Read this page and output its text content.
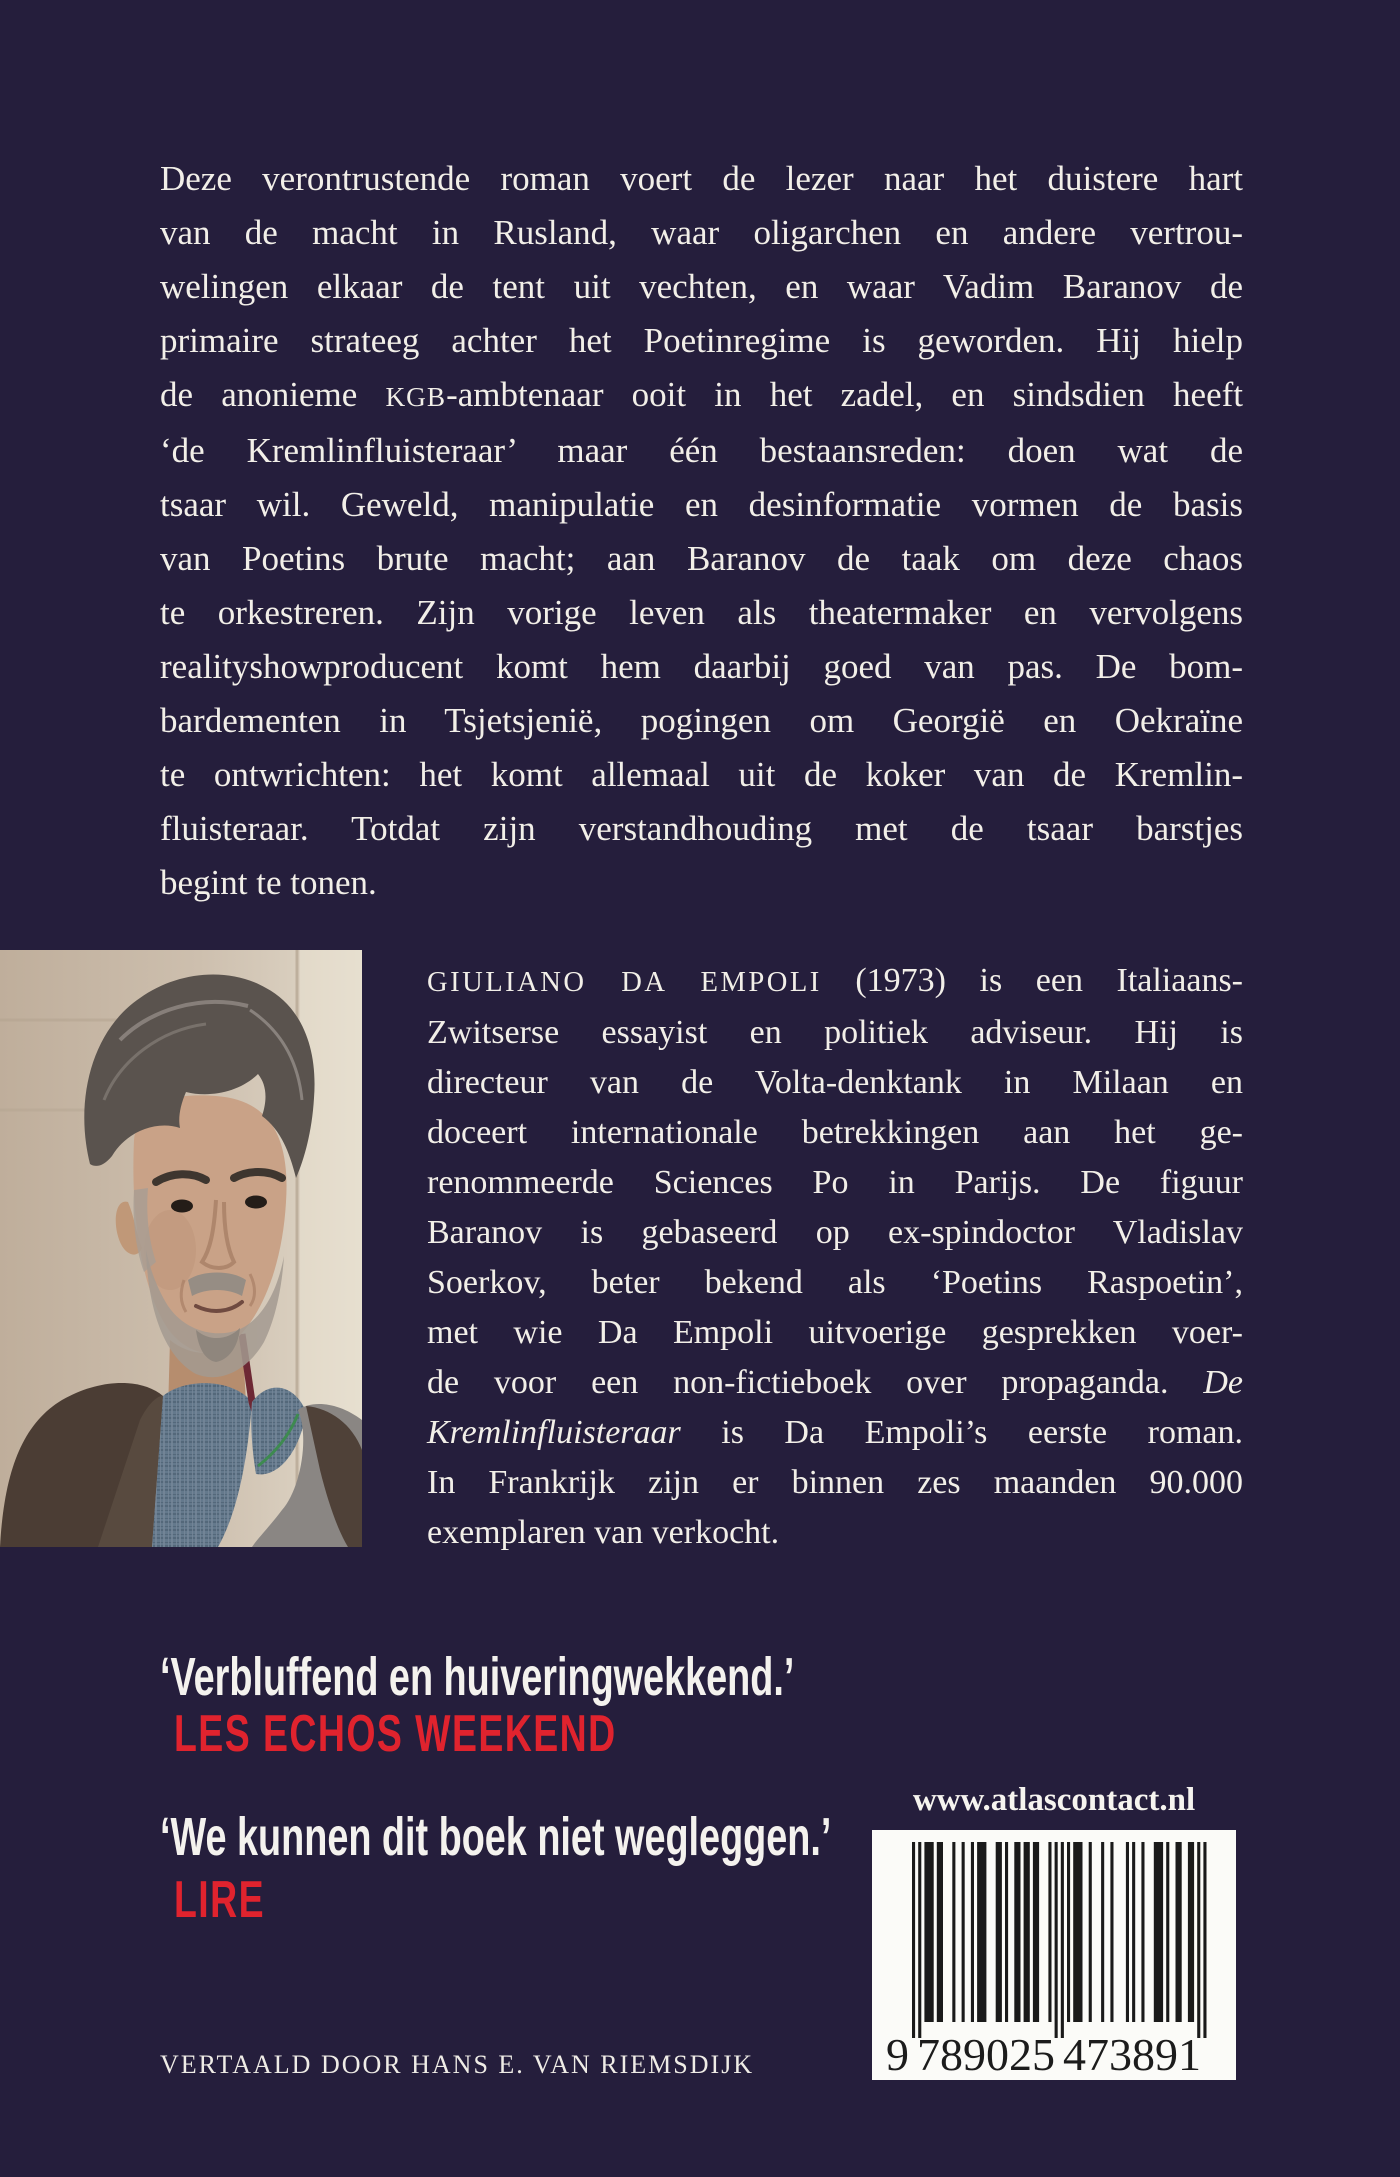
Deze verontrustende roman voert de lezer naar het duistere hart
van de macht in Rusland, waar oligarchen en andere vertrou-
welingen elkaar de tent uit vechten, en waar Vadim Baranov de
primaire strateeg achter het Poetinregime is geworden. Hij hielp
de anonieme KGB-ambtenaar ooit in het zadel, en sindsdien heeft
‘de Kremlinfluisteraar’ maar één bestaansreden: doen wat de
tsaar wil. Geweld, manipulatie en desinformatie vormen de basis
van Poetins brute macht; aan Baranov de taak om deze chaos
te orkestreren. Zijn vorige leven als theatermaker en vervolgens
realityshowproducent komt hem daarbij goed van pas. De bom-
bardementen in Tsjetsjenië, pogingen om Georgië en Oekraïne
te ontwrichten: het komt allemaal uit de koker van de Kremlin-
fluisteraar. Totdat zijn verstandhouding met de tsaar barstjes
begint te tonen.
GIULIANO DA EMPOLI (1973) is een Italiaans-
Zwitserse essayist en politiek adviseur. Hij is
directeur van de Volta-denktank in Milaan en
doceert internationale betrekkingen aan het ge-
renommeerde Sciences Po in Parijs. De figuur
Baranov is gebaseerd op ex-spindoctor Vladislav
Soerkov, beter bekend als ‘Poetins Raspoetin’,
met wie Da Empoli uitvoerige gesprekken voer-
de voor een non-fictieboek over propaganda. De
Kremlinfluisteraar is Da Empoli’s eerste roman.
In Frankrijk zijn er binnen zes maanden 90.000
exemplaren van verkocht.
‘Verbluffend en huiveringwekkend.’
LES ECHOS WEEKEND
‘We kunnen dit boek niet wegleggen.’
LIRE
www.atlascontact.nl
9 789025 473891
VERTAALD DOOR HANS E. VAN RIEMSDIJK
